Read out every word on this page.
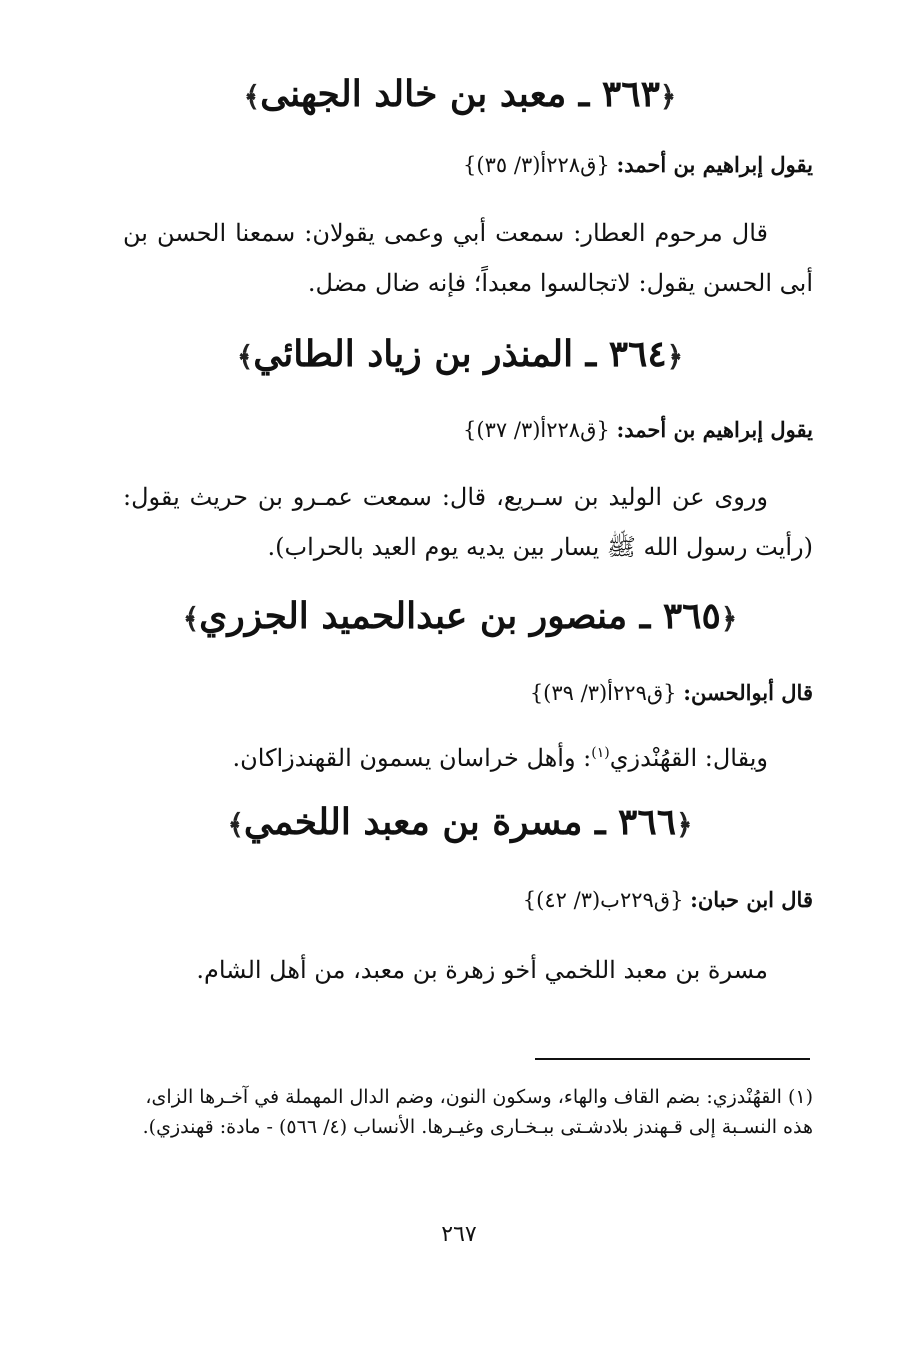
﴿٣٦٣ ـ معبد بن خالد الجهنى﴾
يقول إبراهيم بن أحمد: {ق٢٢٨أ(٣/ ٣٥)}
قال مرحوم العطار: سمعت أبي وعمى يقولان: سمعنا الحسن بن أبى الحسن يقول: لاتجالسوا معبداً؛ فإنه ضال مضل.
﴿٣٦٤ ـ المنذر بن زياد الطائي﴾
يقول إبراهيم بن أحمد: {ق٢٢٨أ(٣/ ٣٧)}
وروى عن الوليد بن سـريع، قال: سمعت عمـرو بن حريث يقول: (رأيت رسول الله ﷺ يسار بين يديه يوم العيد بالحراب).
﴿٣٦٥ ـ منصور بن عبدالحميد الجزري﴾
قال أبوالحسن: {ق٢٢٩أ(٣/ ٣٩)}
ويقال: القهُنْدزي$^{(١)}$: وأهل خراسان يسمون القهندزاكان.
﴿٣٦٦ ـ مسرة بن معبد اللخمي﴾
قال ابن حبان: {ق٢٢٩ب(٣/ ٤٢)}
مسرة بن معبد اللخمي أخو زهرة بن معبد، من أهل الشام.
(١) القهُنْدزي: بضم القاف والهاء، وسكون النون، وضم الدال المهملة في آخـرها الزاى، هذه النسـبة إلى قـهندز بلادشـتى ببـخـارى وغيـرها. الأنساب (٤/ ٥٦٦) - مادة: قهندزي).
٢٦٧
